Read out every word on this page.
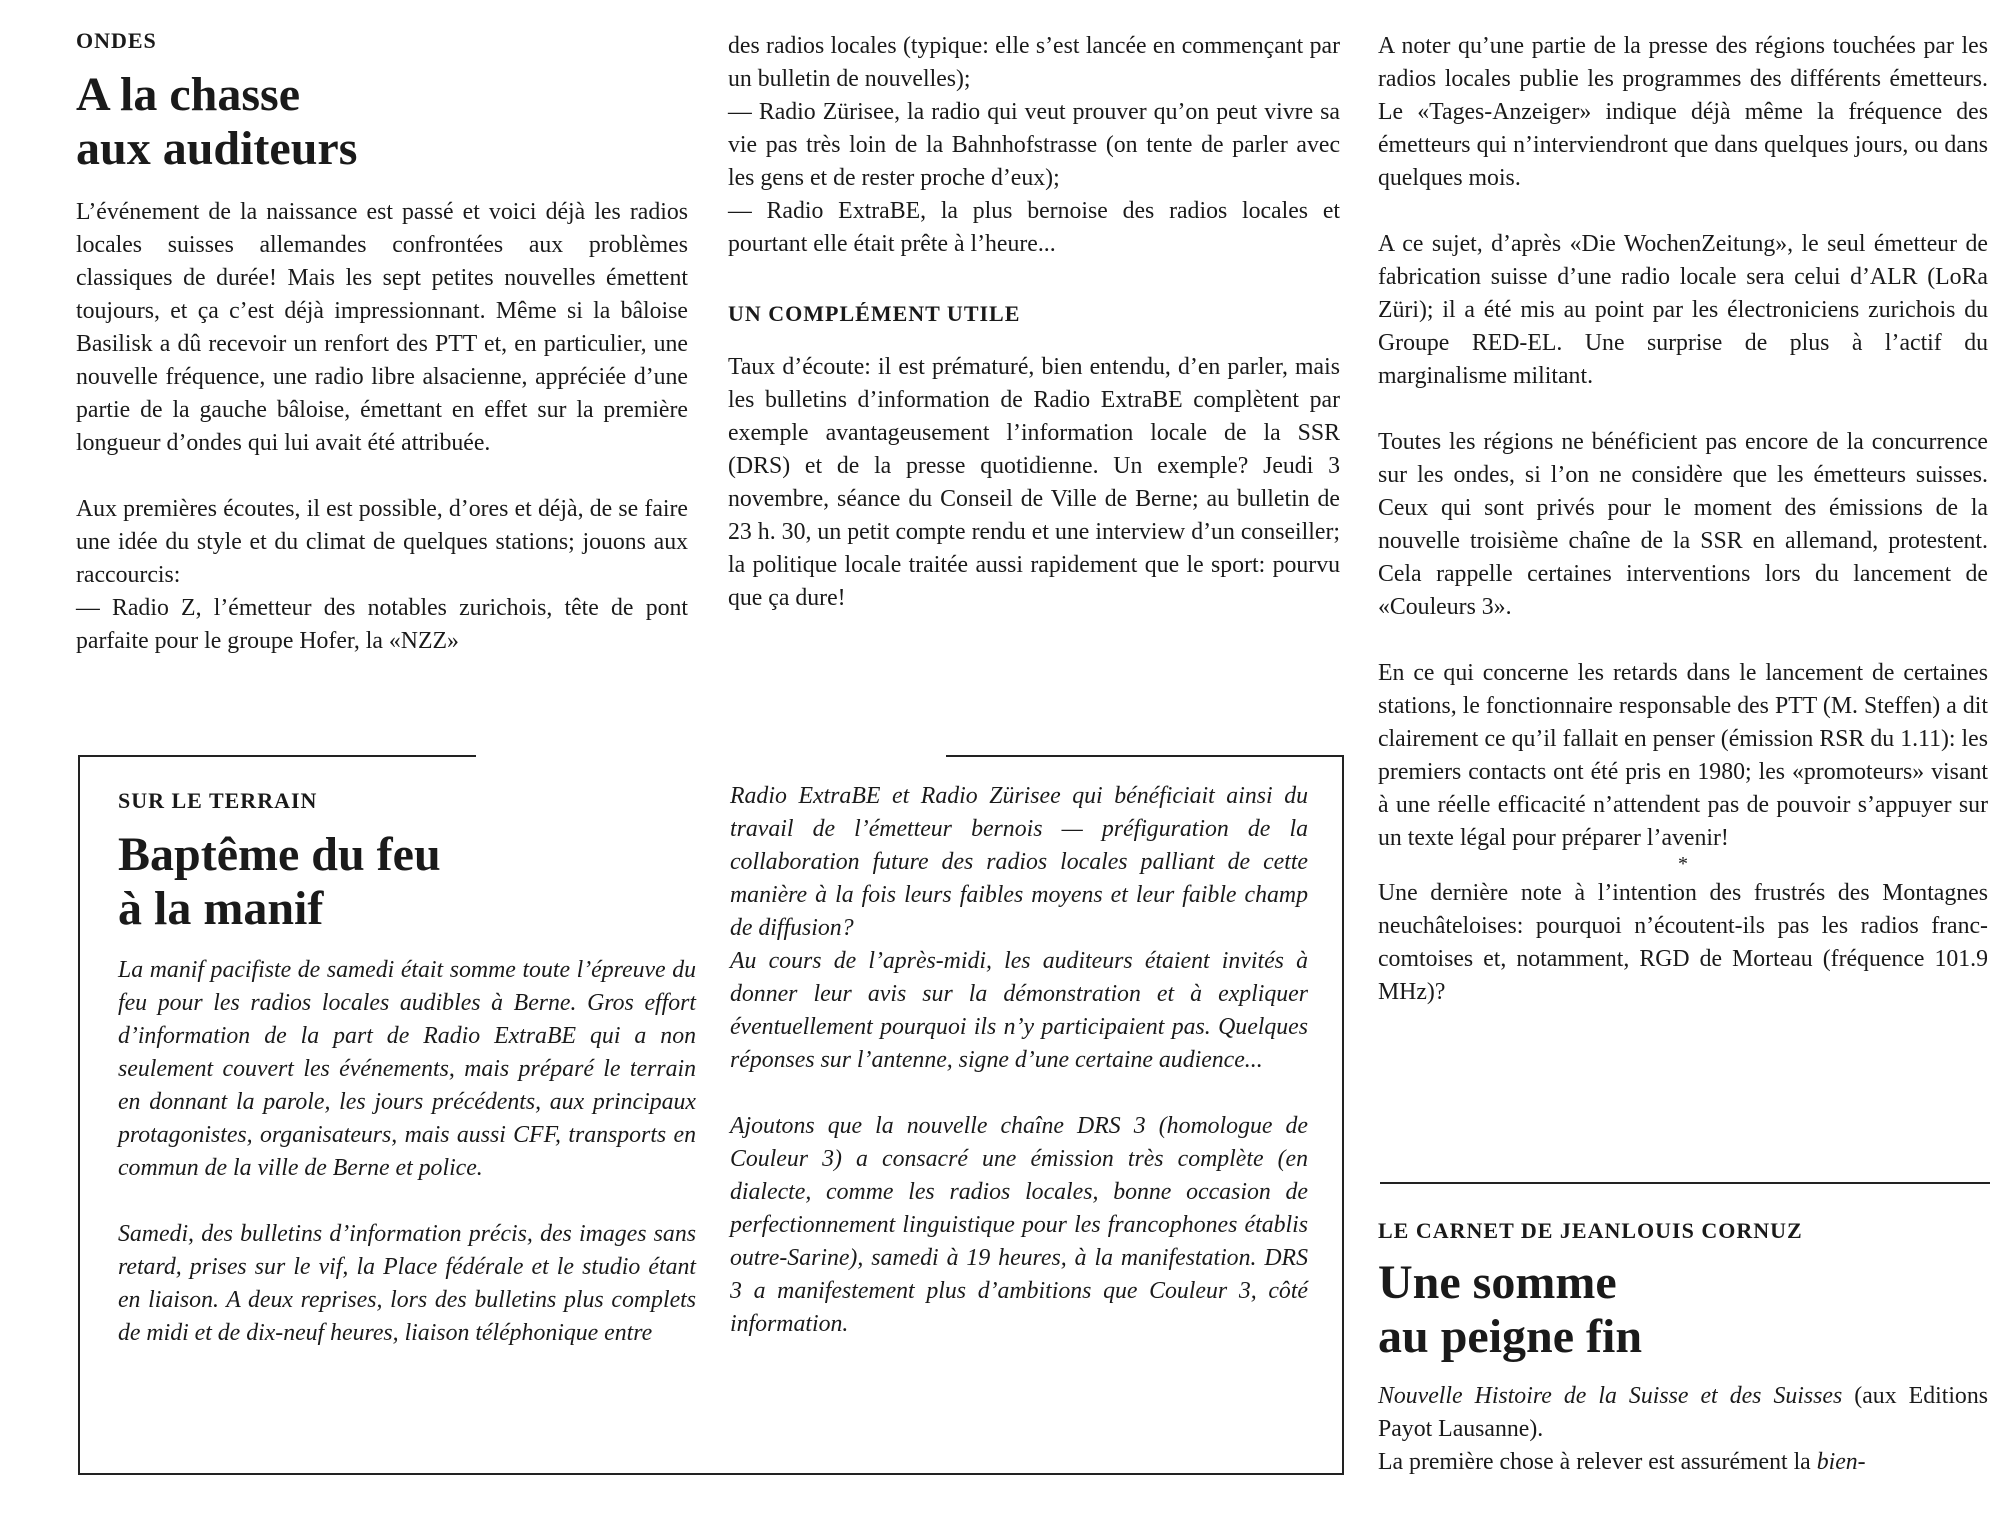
ONDES

A la chasse
aux auditeurs

L’événement de la naissance est passé et voici déjà les radios locales suisses allemandes confrontées aux problèmes classiques de durée! Mais les sept petites nouvelles émettent toujours, et ça c’est déjà impressionnant. Même si la bâloise Basilisk a dû recevoir un renfort des PTT et, en particulier, une nouvelle fréquence, une radio libre alsacienne, appréciée d’une partie de la gauche bâloise, émettant en effet sur la première longueur d’ondes qui lui avait été attribuée.

Aux premières écoutes, il est possible, d’ores et déjà, de se faire une idée du style et du climat de quelques stations; jouons aux raccourcis:

— Radio Z, l’émetteur des notables zurichois, tête de pont parfaite pour le groupe Hofer, la «NZZ»

des radios locales (typique: elle s’est lancée en commençant par un bulletin de nouvelles);

— Radio Zürisee, la radio qui veut prouver qu’on peut vivre sa vie pas très loin de la Bahnhofstrasse (on tente de parler avec les gens et de rester proche d’eux);

— Radio ExtraBE, la plus bernoise des radios locales et pourtant elle était prête à l’heure...

UN COMPLÉMENT UTILE

Taux d’écoute: il est prématuré, bien entendu, d’en parler, mais les bulletins d’information de Radio ExtraBE complètent par exemple avantageusement l’information locale de la SSR (DRS) et de la presse quotidienne. Un exemple? Jeudi 3 novembre, séance du Conseil de Ville de Berne; au bulletin de 23 h. 30, un petit compte rendu et une interview d’un conseiller; la politique locale traitée aussi rapidement que le sport: pourvu que ça dure!

SUR LE TERRAIN

Baptême du feu
à la manif

La manif pacifiste de samedi était somme toute l’épreuve du feu pour les radios locales audibles à Berne. Gros effort d’information de la part de Radio ExtraBE qui a non seulement couvert les événements, mais préparé le terrain en donnant la parole, les jours précédents, aux principaux protagonistes, organisateurs, mais aussi CFF, transports en commun de la ville de Berne et police.

Samedi, des bulletins d’information précis, des images sans retard, prises sur le vif, la Place fédérale et le studio étant en liaison. A deux reprises, lors des bulletins plus complets de midi et de dix-neuf heures, liaison téléphonique entre

Radio ExtraBE et Radio Zürisee qui bénéficiait ainsi du travail de l’émetteur bernois — préfiguration de la collaboration future des radios locales palliant de cette manière à la fois leurs faibles moyens et leur faible champ de diffusion?

Au cours de l’après-midi, les auditeurs étaient invités à donner leur avis sur la démonstration et à expliquer éventuellement pourquoi ils n’y participaient pas. Quelques réponses sur l’antenne, signe d’une certaine audience...

Ajoutons que la nouvelle chaîne DRS 3 (homologue de Couleur 3) a consacré une émission très complète (en dialecte, comme les radios locales, bonne occasion de perfectionnement linguistique pour les francophones établis outre-Sarine), samedi à 19 heures, à la manifestation. DRS 3 a manifestement plus d’ambitions que Couleur 3, côté information.

A noter qu’une partie de la presse des régions touchées par les radios locales publie les programmes des différents émetteurs. Le «Tages-Anzeiger» indique déjà même la fréquence des émetteurs qui n’interviendront que dans quelques jours, ou dans quelques mois.

A ce sujet, d’après «Die WochenZeitung», le seul émetteur de fabrication suisse d’une radio locale sera celui d’ALR (LoRa Züri); il a été mis au point par les électroniciens zurichois du Groupe RED-EL. Une surprise de plus à l’actif du marginalisme militant.

Toutes les régions ne bénéficient pas encore de la concurrence sur les ondes, si l’on ne considère que les émetteurs suisses. Ceux qui sont privés pour le moment des émissions de la nouvelle troisième chaîne de la SSR en allemand, protestent. Cela rappelle certaines interventions lors du lancement de «Couleurs 3».

En ce qui concerne les retards dans le lancement de certaines stations, le fonctionnaire responsable des PTT (M. Steffen) a dit clairement ce qu’il fallait en penser (émission RSR du 1.11): les premiers contacts ont été pris en 1980; les «promoteurs» visant à une réelle efficacité n’attendent pas de pouvoir s’appuyer sur un texte légal pour préparer l’avenir!

*

Une dernière note à l’intention des frustrés des Montagnes neuchâteloises: pourquoi n’écoutent-ils pas les radios franc-comtoises et, notamment, RGD de Morteau (fréquence 101.9 MHz)?

LE CARNET DE JEANLOUIS CORNUZ

Une somme
au peigne fin

Nouvelle Histoire de la Suisse et des Suisses (aux Editions Payot Lausanne).

La première chose à relever est assurément la bien-
